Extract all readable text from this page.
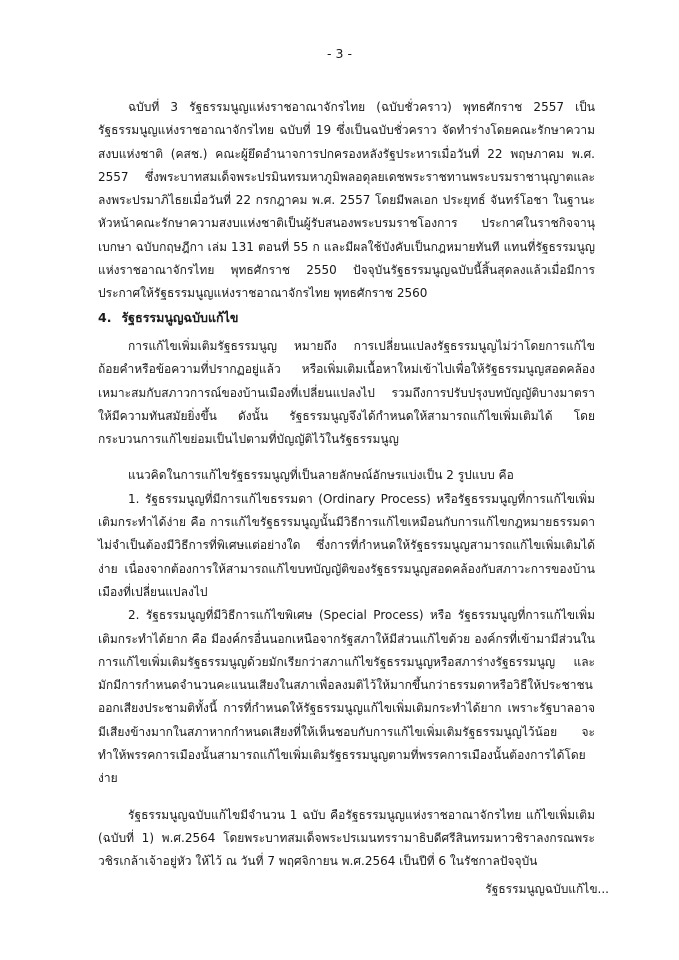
- 3 -

ฉบับที่ 3 รัฐธรรมนูญแห่งราชอาณาจักรไทย (ฉบับชั่วคราว) พุทธศักราช 2557 เป็นรัฐธรรมนูญแห่งราชอาณาจักรไทย ฉบับที่ 19 ซึ่งเป็นฉบับชั่วคราว จัดทำร่างโดยคณะรักษาความสงบแห่งชาติ (คสช.) คณะผู้ยึดอำนาจการปกครองหลังรัฐประหารเมื่อวันที่ 22 พฤษภาคม พ.ศ. 2557 ซึ่งพระบาทสมเด็จพระปรมินทรมหาภูมิพลอดุลยเดชพระราชทานพระบรมราชานุญาตและลงพระปรมาภิไธยเมื่อวันที่ 22 กรกฎาคม พ.ศ. 2557 โดยมีพลเอก ประยุทธ์ จันทร์โอชา ในฐานะหัวหน้าคณะรักษาความสงบแห่งชาติเป็นผู้รับสนองพระบรมราชโองการ ประกาศในราชกิจจานุเบกษา ฉบับกฤษฎีกา เล่ม 131 ตอนที่ 55 ก และมีผลใช้บังคับเป็นกฎหมายทันที แทนที่รัฐธรรมนูญแห่งราชอาณาจักรไทย พุทธศักราช 2550 ปัจจุบันรัฐธรรมนูญฉบับนี้สิ้นสุดลงแล้วเมื่อมีการประกาศให้รัฐธรรมนูญแห่งราชอาณาจักรไทย พุทธศักราช 2560

4. รัฐธรรมนูญฉบับแก้ไข

การแก้ไขเพิ่มเติมรัฐธรรมนูญ หมายถึง การเปลี่ยนแปลงรัฐธรรมนูญไม่ว่าโดยการแก้ไขถ้อยคำหรือข้อความที่ปรากฏอยู่แล้ว หรือเพิ่มเติมเนื้อหาใหม่เข้าไปเพื่อให้รัฐธรรมนูญสอดคล้องเหมาะสมกับสภาวการณ์ของบ้านเมืองที่เปลี่ยนแปลงไป รวมถึงการปรับปรุงบทบัญญัติบางมาตราให้มีความทันสมัยยิ่งขึ้น ดังนั้น รัฐธรรมนูญจึงได้กำหนดให้สามารถแก้ไขเพิ่มเติมได้ โดยกระบวนการแก้ไขย่อมเป็นไปตามที่บัญญัติไว้ในรัฐธรรมนูญ

แนวคิดในการแก้ไขรัฐธรรมนูญที่เป็นลายลักษณ์อักษรแบ่งเป็น 2 รูปแบบ คือ

1. รัฐธรรมนูญที่มีการแก้ไขธรรมดา (Ordinary Process) หรือรัฐธรรมนูญที่การแก้ไขเพิ่มเติมกระทำได้ง่าย คือ การแก้ไขรัฐธรรมนูญนั้นมีวิธีการแก้ไขเหมือนกับการแก้ไขกฎหมายธรรมดา ไม่จำเป็นต้องมีวิธีการที่พิเศษแต่อย่างใด ซึ่งการที่กำหนดให้รัฐธรรมนูญสามารถแก้ไขเพิ่มเติมได้ง่าย เนื่องจากต้องการให้สามารถแก้ไขบทบัญญัติของรัฐธรรมนูญสอดคล้องกับสภาวะการของบ้านเมืองที่เปลี่ยนแปลงไป

2. รัฐธรรมนูญที่มีวิธีการแก้ไขพิเศษ (Special Process) หรือ รัฐธรรมนูญที่การแก้ไขเพิ่มเติมกระทำได้ยาก คือ มีองค์กรอื่นนอกเหนือจากรัฐสภาให้มีส่วนแก้ไขด้วย องค์กรที่เข้ามามีส่วนในการแก้ไขเพิ่มเติมรัฐธรรมนูญด้วยมักเรียกว่าสภาแก้ไขรัฐธรรมนูญหรือสภาร่างรัฐธรรมนูญ และมักมีการกำหนดจำนวนคะแนนเสียงในสภาเพื่อลงมติไว้ให้มากขึ้นกว่าธรรมดาหรือวิธีให้ประชาชนออกเสียงประชามติทั้งนี้ การที่กำหนดให้รัฐธรรมนูญแก้ไขเพิ่มเติมกระทำได้ยาก เพราะรัฐบาลอาจมีเสียงข้างมากในสภาหากกำหนดเสียงที่ให้เห็นชอบกับการแก้ไขเพิ่มเติมรัฐธรรมนูญไว้น้อย จะทำให้พรรคการเมืองนั้นสามารถแก้ไขเพิ่มเติมรัฐธรรมนูญตามที่พรรคการเมืองนั้นต้องการได้โดยง่าย

รัฐธรรมนูญฉบับแก้ไขมีจำนวน 1 ฉบับ คือรัฐธรรมนูญแห่งราชอาณาจักรไทย แก้ไขเพิ่มเติม (ฉบับที่ 1) พ.ศ.2564 โดยพระบาทสมเด็จพระปรเมนทรรามาธิบดีศรีสินทรมหาวชิราลงกรณพระวชิรเกล้าเจ้าอยู่หัว ให้ไว้ ณ วันที่ 7 พฤศจิกายน พ.ศ.2564 เป็นปีที่ 6 ในรัชกาลปัจจุบัน

รัฐธรรมนูญฉบับแก้ไข...
